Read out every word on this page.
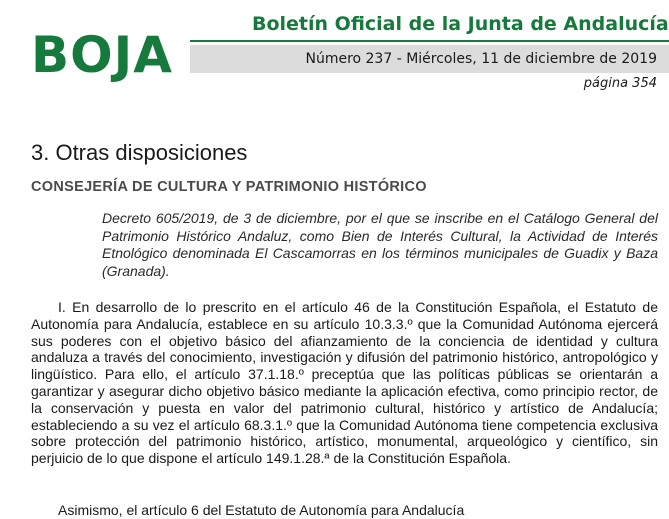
BOJA
Boletín Oficial de la Junta de Andalucía
Número 237 - Miércoles, 11 de diciembre de 2019
página 354
3. Otras disposiciones
CONSEJERÍA DE CULTURA Y PATRIMONIO HISTÓRICO
Decreto 605/2019, de 3 de diciembre, por el que se inscribe en el Catálogo General del Patrimonio Histórico Andaluz, como Bien de Interés Cultural, la Actividad de Interés Etnológico denominada El Cascamorras en los términos municipales de Guadix y Baza (Granada).

I. En desarrollo de lo prescrito en el artículo 46 de la Constitución Española, el Estatuto de Autonomía para Andalucía, establece en su artículo 10.3.3.º que la Comunidad Autónoma ejercerá sus poderes con el objetivo básico del afianzamiento de la conciencia de identidad y cultura andaluza a través del conocimiento, investigación y difusión del patrimonio histórico, antropológico y lingüístico. Para ello, el artículo 37.1.18.º preceptúa que las políticas públicas se orientarán a garantizar y asegurar dicho objetivo básico mediante la aplicación efectiva, como principio rector, de la conservación y puesta en valor del patrimonio cultural, histórico y artístico de Andalucía; estableciendo a su vez el artículo 68.3.1.º que la Comunidad Autónoma tiene competencia exclusiva sobre protección del patrimonio histórico, artístico, monumental, arqueológico y científico, sin perjuicio de lo que dispone el artículo 149.1.28.ª de la Constitución Española.

Asimismo, el artículo 6 del Estatuto de Autonomía para Andalucía
